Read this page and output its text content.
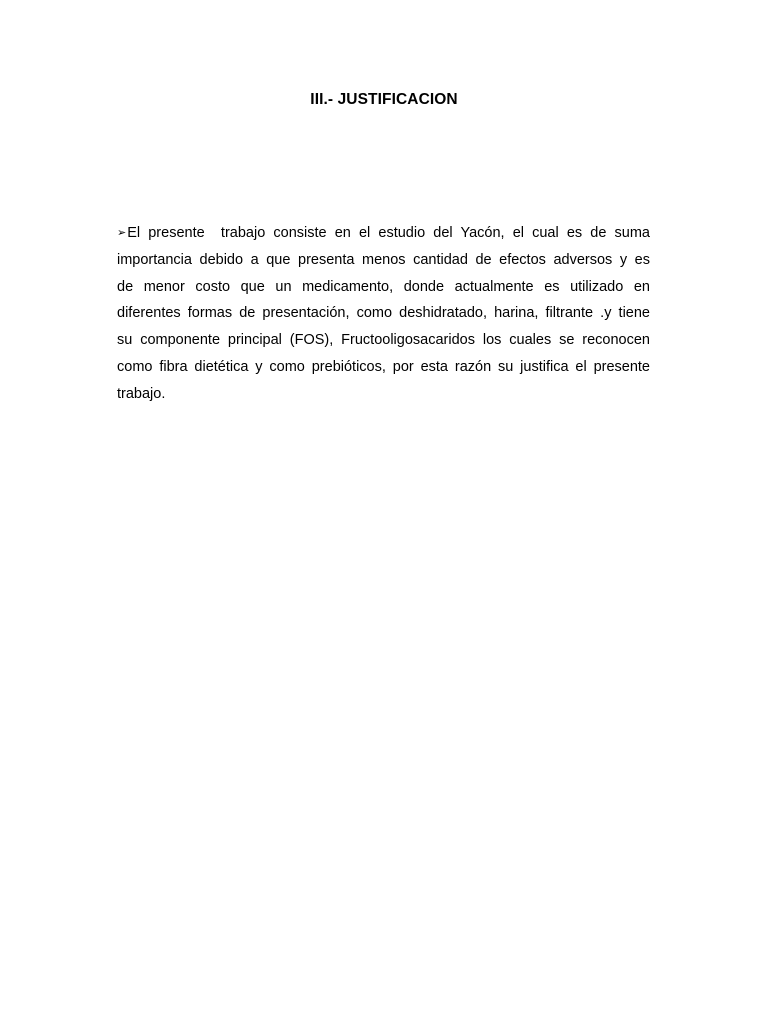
III.- JUSTIFICACION
➢El presente  trabajo consiste en el estudio del Yacón, el cual es de suma
importancia debido a que presenta menos cantidad de efectos adversos y es
de menor costo que un medicamento, donde actualmente es utilizado en
diferentes formas de presentación, como deshidratado, harina, filtrante .y tiene
su componente principal (FOS), Fructooligosacaridos los cuales se reconocen
como fibra dietética y como prebióticos, por esta razón su justifica el presente
trabajo.
